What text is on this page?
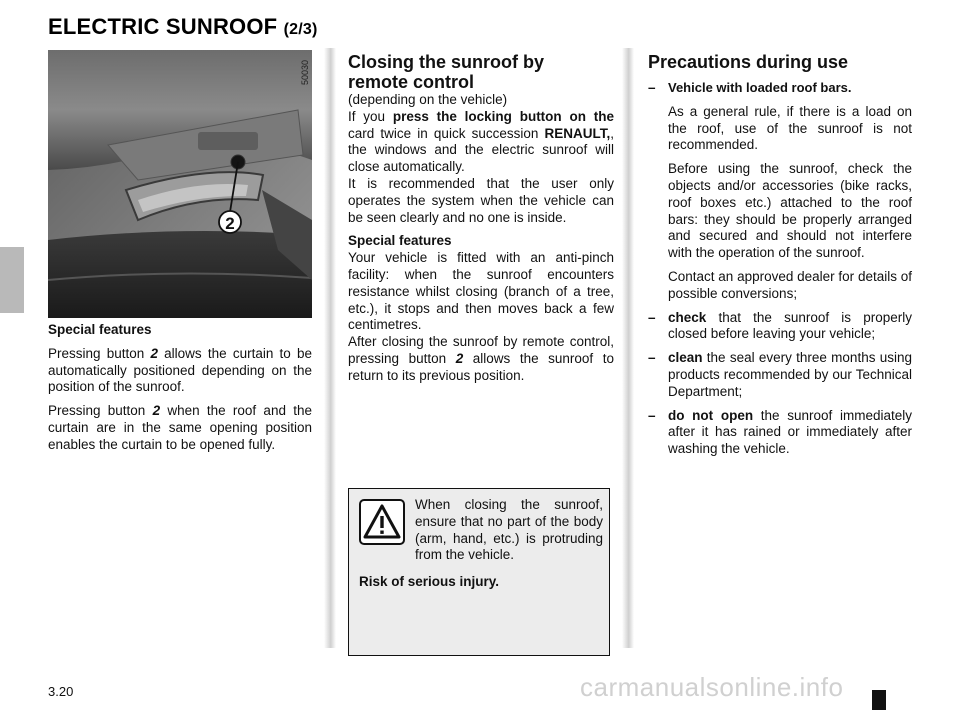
ELECTRIC SUNROOF (2/3)
2
50030

Special features

Pressing button 2 allows the curtain to be automatically positioned depending on the position of the sunroof.

Pressing button 2 when the roof and the curtain are in the same opening position enables the curtain to be opened fully.

Closing the sunroof by
remote control
(depending on the vehicle)

If you press the locking button on the card twice in quick succession RENAULT,, the windows and the electric sunroof will close automatically.

It is recommended that the user only operates the system when the vehicle can be seen clearly and no one is inside.

Special features

Your vehicle is fitted with an anti-pinch facility: when the sunroof encounters resistance whilst closing (branch of a tree, etc.), it stops and then moves back a few centimetres.

After closing the sunroof by remote control, pressing button 2 allows the sunroof to return to its previous position.

When closing the sunroof, ensure that no part of the body (arm, hand, etc.) is protruding from the vehicle.
Risk of serious injury.
Precautions during use
– Vehicle with loaded roof bars.

As a general rule, if there is a load on the roof, use of the sunroof is not recommended.

Before using the sunroof, check the objects and/or accessories (bike racks, roof boxes etc.) attached to the roof bars: they should be properly arranged and secured and should not interfere with the operation of the sunroof.

Contact an approved dealer for details of possible conversions;

– check that the sunroof is properly closed before leaving your vehicle;

– clean the seal every three months using products recommended by our Technical Department;

– do not open the sunroof immediately after it has rained or immediately after washing the vehicle.

3.20	carmanualsonline.info
